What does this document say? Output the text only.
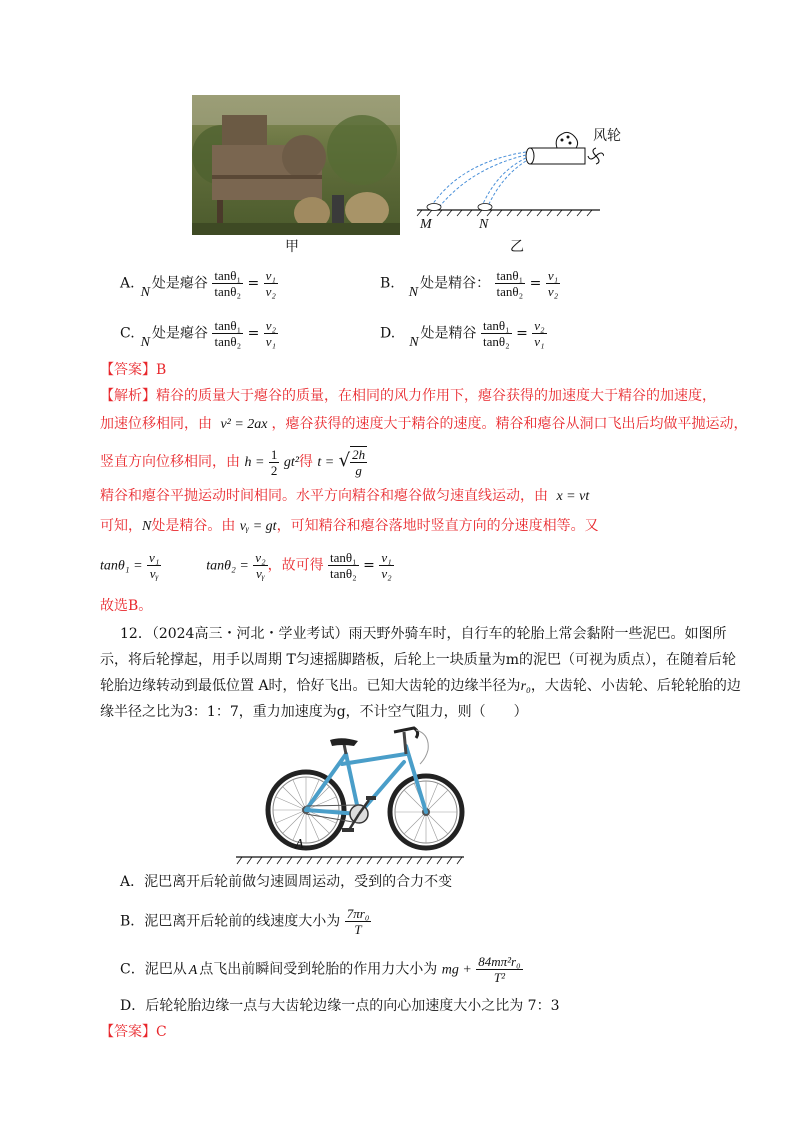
甲
风轮
M	N
乙
A.N处是瘪谷 $\frac{\text{tanθ₁}}{\text{tanθ₂}} = \frac{\text{v₁}}{\text{v₂}}$	B.N处是精谷： $\frac{\text{tanθ₁}}{\text{tanθ₂}} = \frac{\text{v₁}}{\text{v₂}}$
C.N处是瘪谷 $\frac{\text{tanθ₁}}{\text{tanθ₂}} = \frac{\text{v₂}}{\text{v₁}}$	D.N处是精谷 $\frac{\text{tanθ₁}}{\text{tanθ₂}} = \frac{\text{v₂}}{\text{v₁}}$
【答案】B
【解析】精谷的质量大于瘪谷的质量，在相同的风力作用下，瘪谷获得的加速度大于精谷的加速度，
加速位移相同，由 v² = 2ax ，瘪谷获得的速度大于精谷的速度。精谷和瘪谷从洞口飞出后均做平抛运动，
竖直方向位移相同，由 $h = \frac{1}{2} gt^2$得 t = √ $\frac{2h}{g}$
精谷和瘪谷平抛运动时间相同。水平方向精谷和瘪谷做匀速直线运动，由 x = vt
可知，N处是精谷。由 vᵧ = gt，可知精谷和瘪谷落地时竖直方向的分速度相等。又
$\tan\theta_1 = \frac{\text{v₁}}{\text{vᵧ}}$	$\tan\theta_2 = \frac{\text{v₂}}{\text{vᵧ}}$ ，故可得 $\frac{\text{tanθ₁}}{\text{tanθ₂}} = \frac{\text{v₁}}{\text{v₂}}$
故选B。
12．（2024高三・河北・学业考试）雨天野外骑车时，自行车的轮胎上常会黏附一些泥巴。如图所
示，将后轮撑起，用手以周期 T匀速摇脚踏板，后轮上一块质量为m的泥巴（可视为质点），在随着后轮
轮胎边缘转动到最低位置 A时，恰好飞出。已知大齿轮的边缘半径为r₀，大齿轮、小齿轮、后轮轮胎的边
缘半径之比为3：1：7，重力加速度为g，不计空气阻力，则（　　）
A
A．泥巴离开后轮前做匀速圆周运动，受到的合力不变
B．泥巴离开后轮前的线速度大小为 $\frac{\text{7πr₀}}{T}$
C．泥巴从 A 点飞出前瞬间受到轮胎的作用力大小为 mg + $\frac{\text{84mπ²r₀}}{\text{T²}}$
D．后轮轮胎边缘一点与大齿轮边缘一点的向心加速度大小之比为 7：3
【答案】C
